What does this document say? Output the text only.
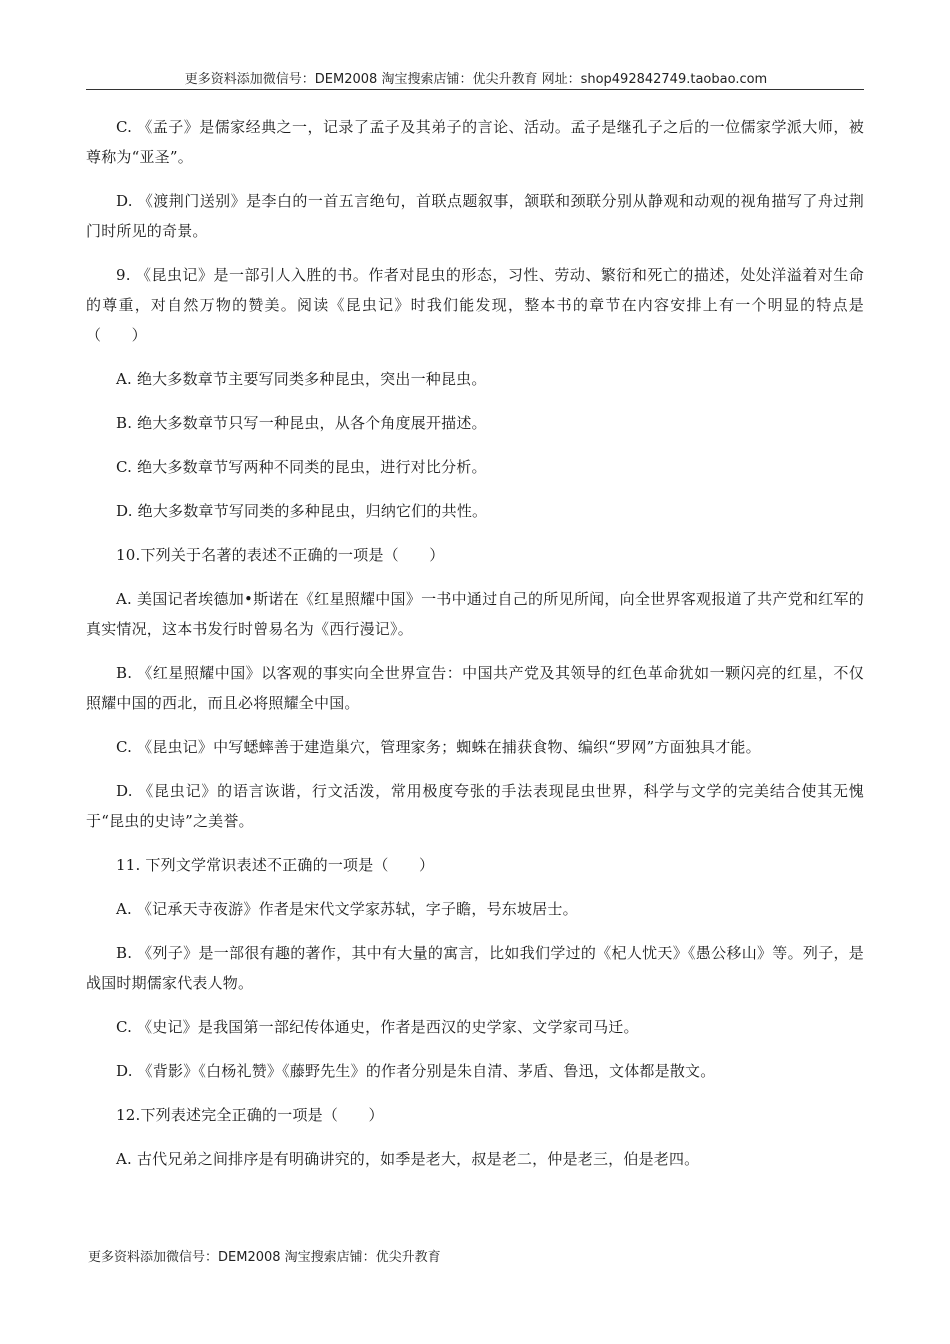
更多资料添加微信号：DEM2008 淘宝搜索店铺：优尖升教育 网址：shop492842749.taobao.com

C. 《孟子》是儒家经典之一，记录了孟子及其弟子的言论、活动。孟子是继孔子之后的一位儒家学派大师，被尊称为“亚圣”。

D. 《渡荆门送别》是李白的一首五言绝句，首联点题叙事，颔联和颈联分别从静观和动观的视角描写了舟过荆门时所见的奇景。

9. 《昆虫记》是一部引人入胜的书。作者对昆虫的形态，习性、劳动、繁衍和死亡的描述，处处洋溢着对生命的尊重，对自然万物的赞美。阅读《昆虫记》时我们能发现，整本书的章节在内容安排上有一个明显的特点是（　　）

A. 绝大多数章节主要写同类多种昆虫，突出一种昆虫。

B. 绝大多数章节只写一种昆虫，从各个角度展开描述。

C. 绝大多数章节写两种不同类的昆虫，进行对比分析。

D. 绝大多数章节写同类的多种昆虫，归纳它们的共性。

10.下列关于名著的表述不正确的一项是（　　）

A. 美国记者埃德加•斯诺在《红星照耀中国》一书中通过自己的所见所闻，向全世界客观报道了共产党和红军的真实情况，这本书发行时曾易名为《西行漫记》。

B. 《红星照耀中国》以客观的事实向全世界宣告：中国共产党及其领导的红色革命犹如一颗闪亮的红星，不仅照耀中国的西北，而且必将照耀全中国。

C. 《昆虫记》中写蟋蟀善于建造巢穴，管理家务；蜘蛛在捕获食物、编织“罗网”方面独具才能。

D. 《昆虫记》的语言诙谐，行文活泼，常用极度夸张的手法表现昆虫世界，科学与文学的完美结合使其无愧于“昆虫的史诗”之美誉。

11. 下列文学常识表述不正确的一项是（　　）

A. 《记承天寺夜游》作者是宋代文学家苏轼，字子瞻，号东坡居士。

B. 《列子》是一部很有趣的著作，其中有大量的寓言，比如我们学过的《杞人忧天》《愚公移山》等。列子，是战国时期儒家代表人物。

C. 《史记》是我国第一部纪传体通史，作者是西汉的史学家、文学家司马迁。

D. 《背影》《白杨礼赞》《藤野先生》的作者分别是朱自清、茅盾、鲁迅，文体都是散文。

12.下列表述完全正确的一项是（　　）

A. 古代兄弟之间排序是有明确讲究的，如季是老大，叔是老二，仲是老三，伯是老四。

更多资料添加微信号：DEM2008 淘宝搜索店铺：优尖升教育
